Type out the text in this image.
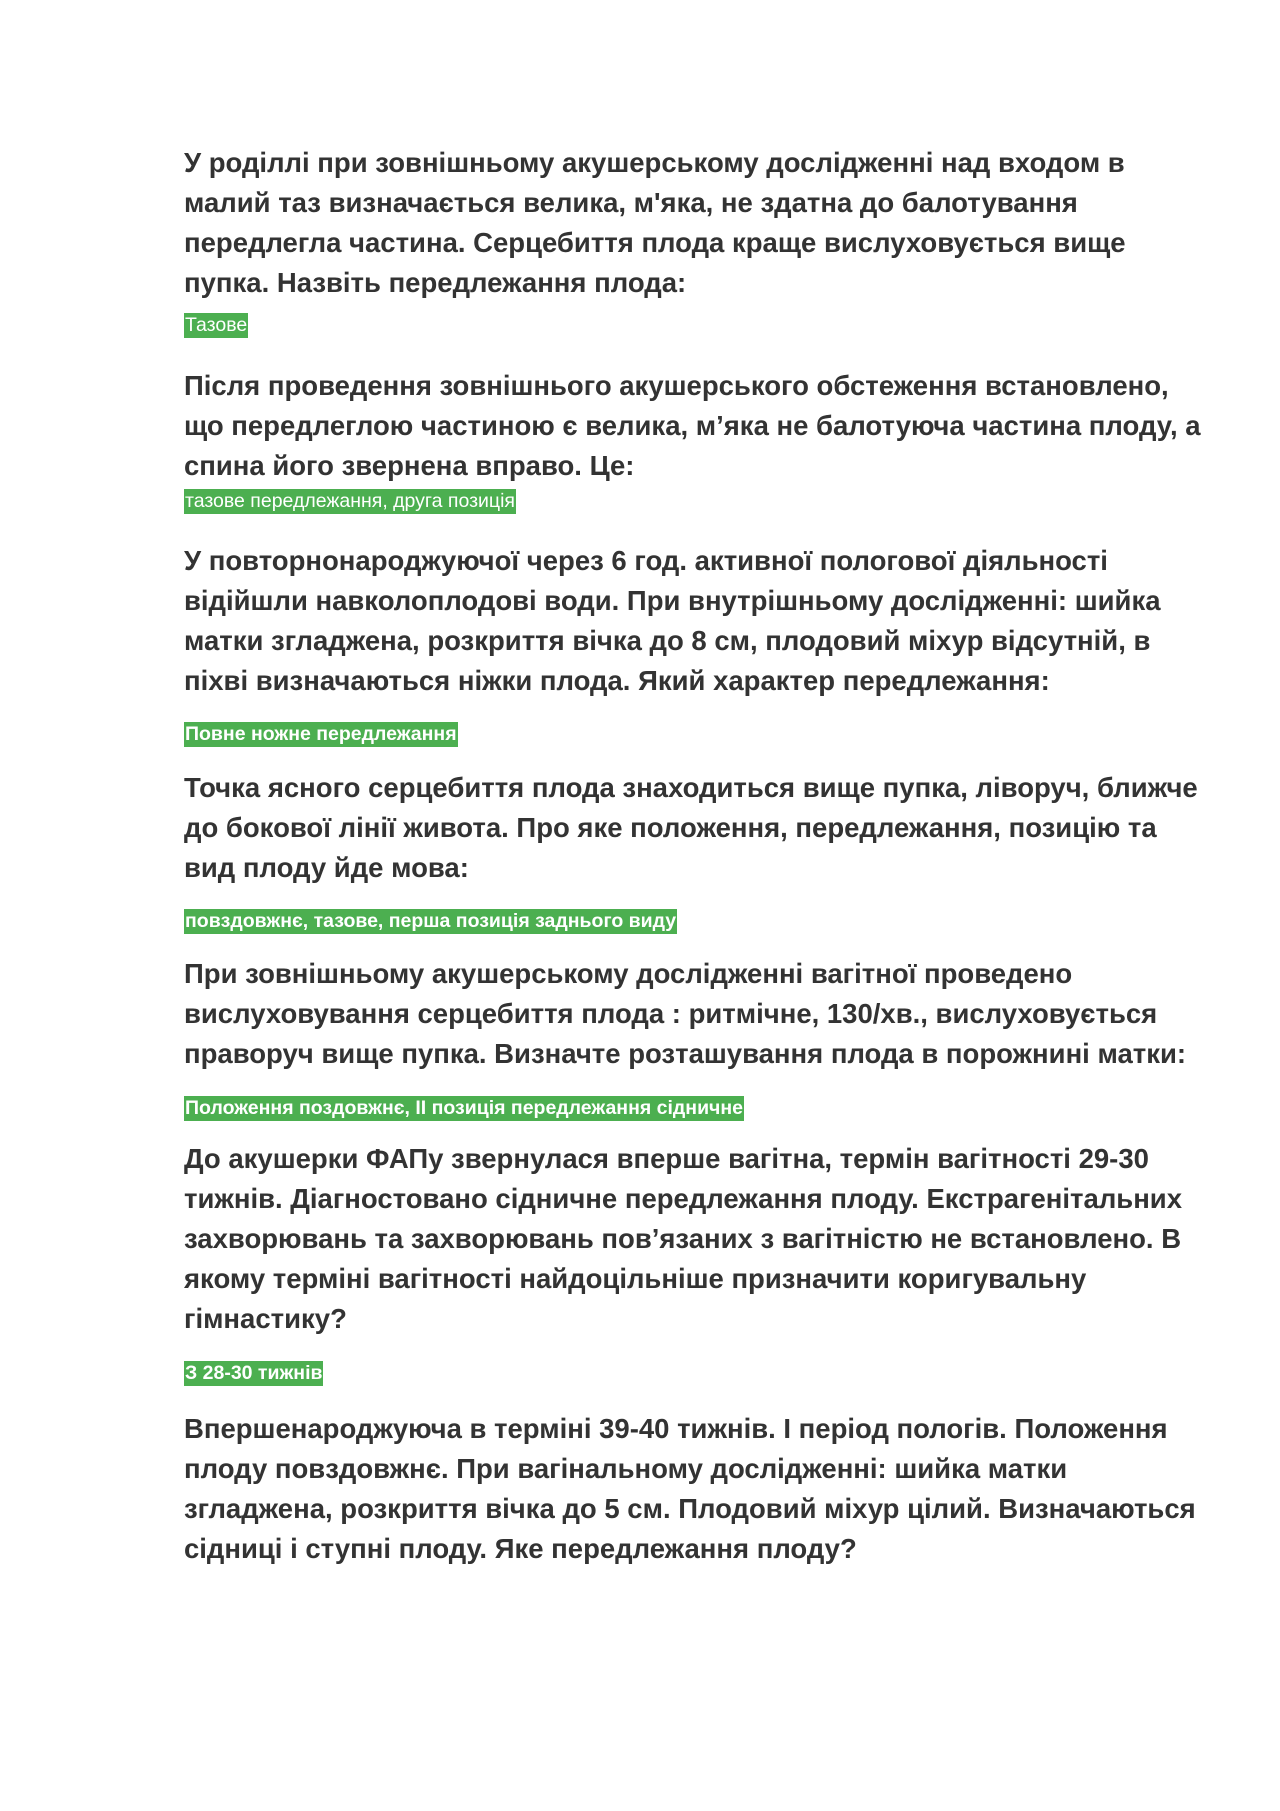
У роділлі при зовнішньому акушерському дослідженні над входом в малий таз визначається велика, м'яка, не здатна до балотування передлегла частина. Серцебиття плода краще вислуховується вище пупка. Назвіть передлежання плода:

Тазове

Після проведення зовнішнього акушерського обстеження встановлено, що передлеглою частиною є велика, м’яка не балотуюча частина плоду, а спина його звернена вправо. Це:

тазове передлежання, друга позиція

У повторнонароджуючої через 6 год. активної пологової діяльності відійшли навколоплодові води. При внутрішньому дослідженні: шийка матки згладжена, розкриття вічка до 8 см, плодовий міхур відсутній, в піхві визначаються ніжки плода. Який характер передлежання:

Повне ножне передлежання

Точка ясного серцебиття плода знаходиться вище пупка, ліворуч, ближче до бокової лінії живота. Про яке положення, передлежання, позицію та вид плоду йде мова:

повздовжнє, тазове, перша позиція заднього виду

При зовнішньому акушерському дослідженні вагітної проведено вислуховування серцебиття плода : ритмічне, 130/хв., вислуховується праворуч вище пупка. Визначте розташування плода в порожнині матки:

Положення поздовжнє, ІІ позиція передлежання сідничне

До акушерки ФАПу звернулася вперше вагітна, термін вагітності 29-30 тижнів. Діагностовано сідничне передлежання плоду. Екстрагенітальних захворювань та захворювань пов’язаних з вагітністю не встановлено. В якому терміні вагітності найдоцільніше призначити коригувальну гімнастику?

З 28-30 тижнів

Впершенароджуюча в терміні 39-40 тижнів. І період пологів. Положення плоду повздовжнє. При вагінальному дослідженні: шийка матки згладжена, розкриття вічка до 5 см. Плодовий міхур цілий. Визначаються сідниці і ступні плоду. Яке передлежання плоду?
